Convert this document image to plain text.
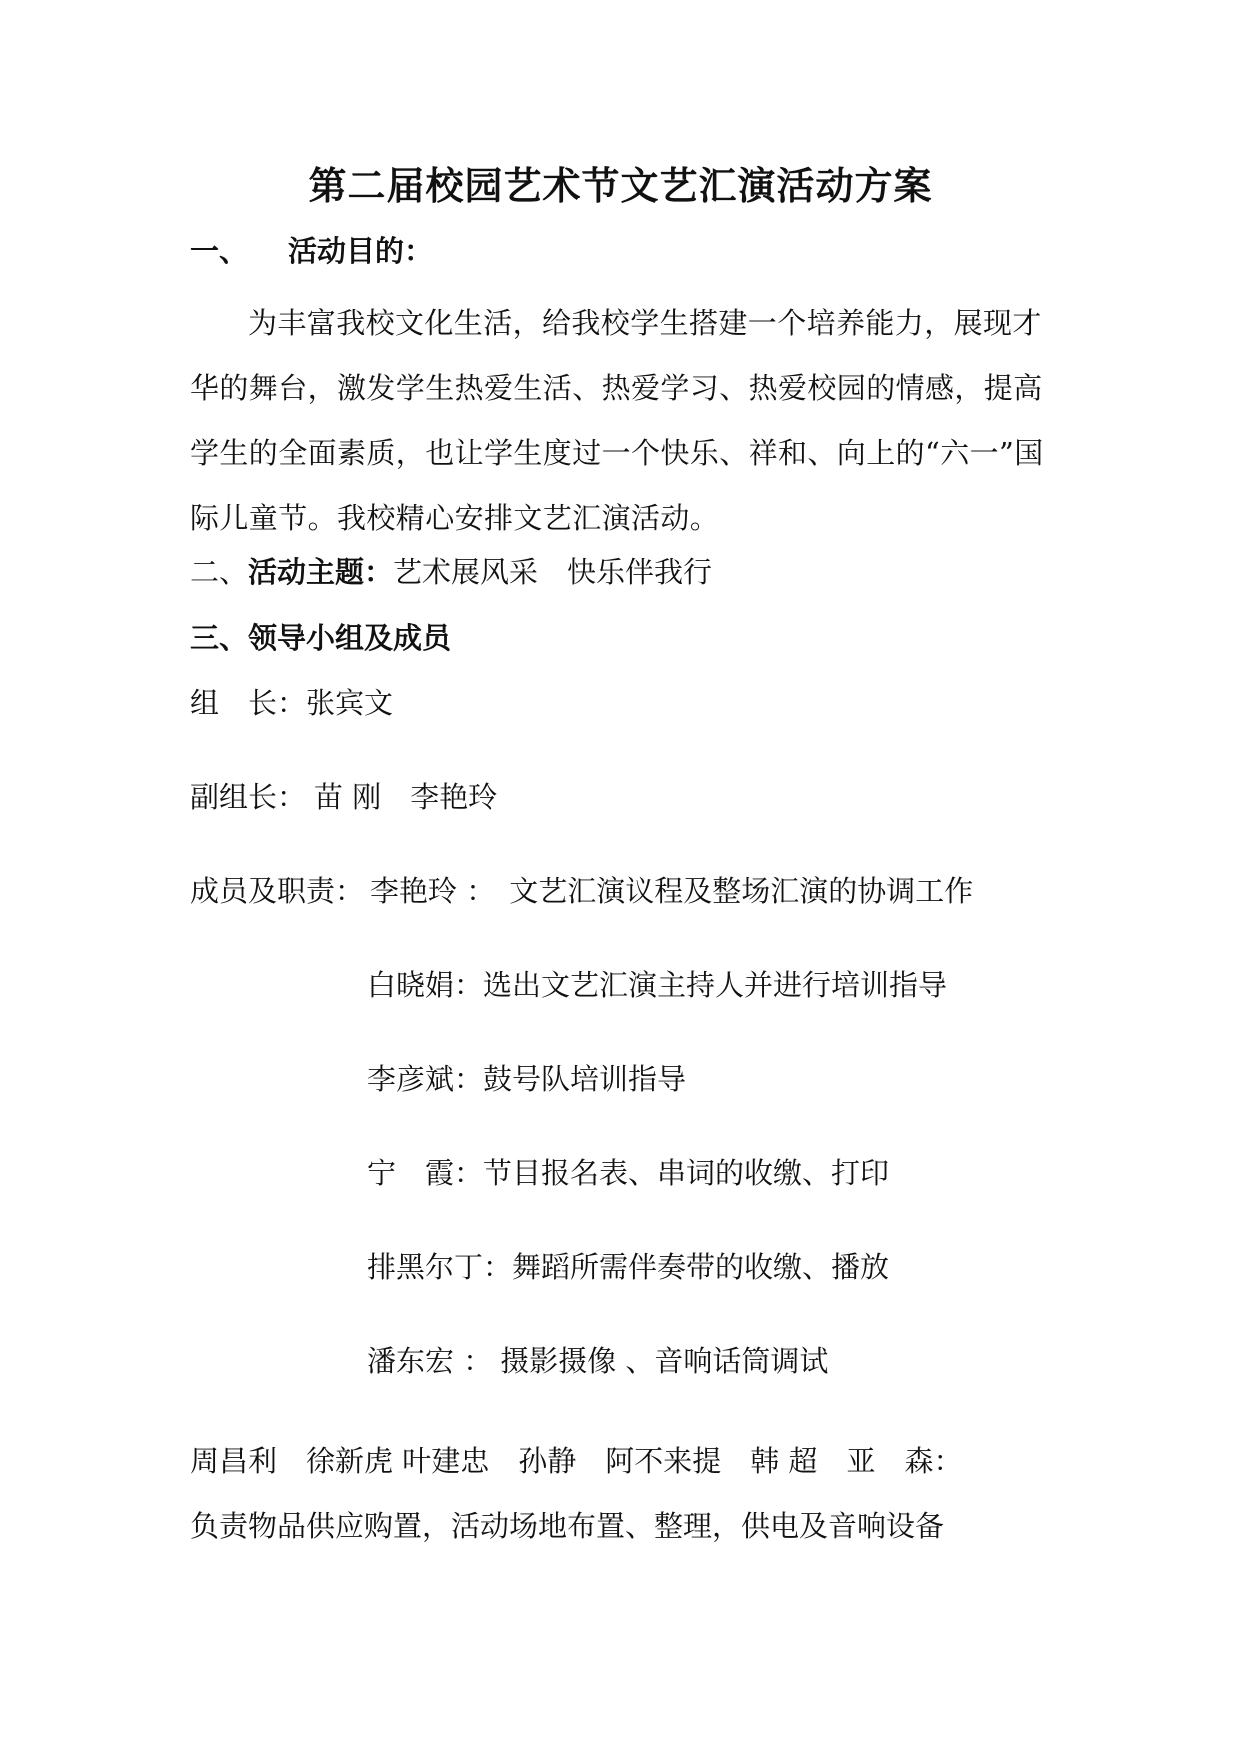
第二届校园艺术节文艺汇演活动方案
一、 活动目的：
为丰富我校文化生活，给我校学生搭建一个培养能力，展现才华的舞台，激发学生热爱生活、热爱学习、热爱校园的情感，提高学生的全面素质，也让学生度过一个快乐、祥和、向上的“六一”国际儿童节。我校精心安排文艺汇演活动。
二、活动主题：艺术展风采　快乐伴我行
三、领导小组及成员
组　长：张宾文
副组长： 苗 刚　李艳玲
成员及职责： 李艳玲 ： 文艺汇演议程及整场汇演的协调工作
白晓娟：选出文艺汇演主持人并进行培训指导
李彦斌：鼓号队培训指导
宁　霞：节目报名表、串词的收缴、打印
排黑尔丁：舞蹈所需伴奏带的收缴、播放
潘东宏 ： 摄影摄像 、音响话筒调试
周昌利　徐新虎 叶建忠　孙静　阿不来提　韩 超　亚　森：
负责物品供应购置，活动场地布置、整理，供电及音响设备
